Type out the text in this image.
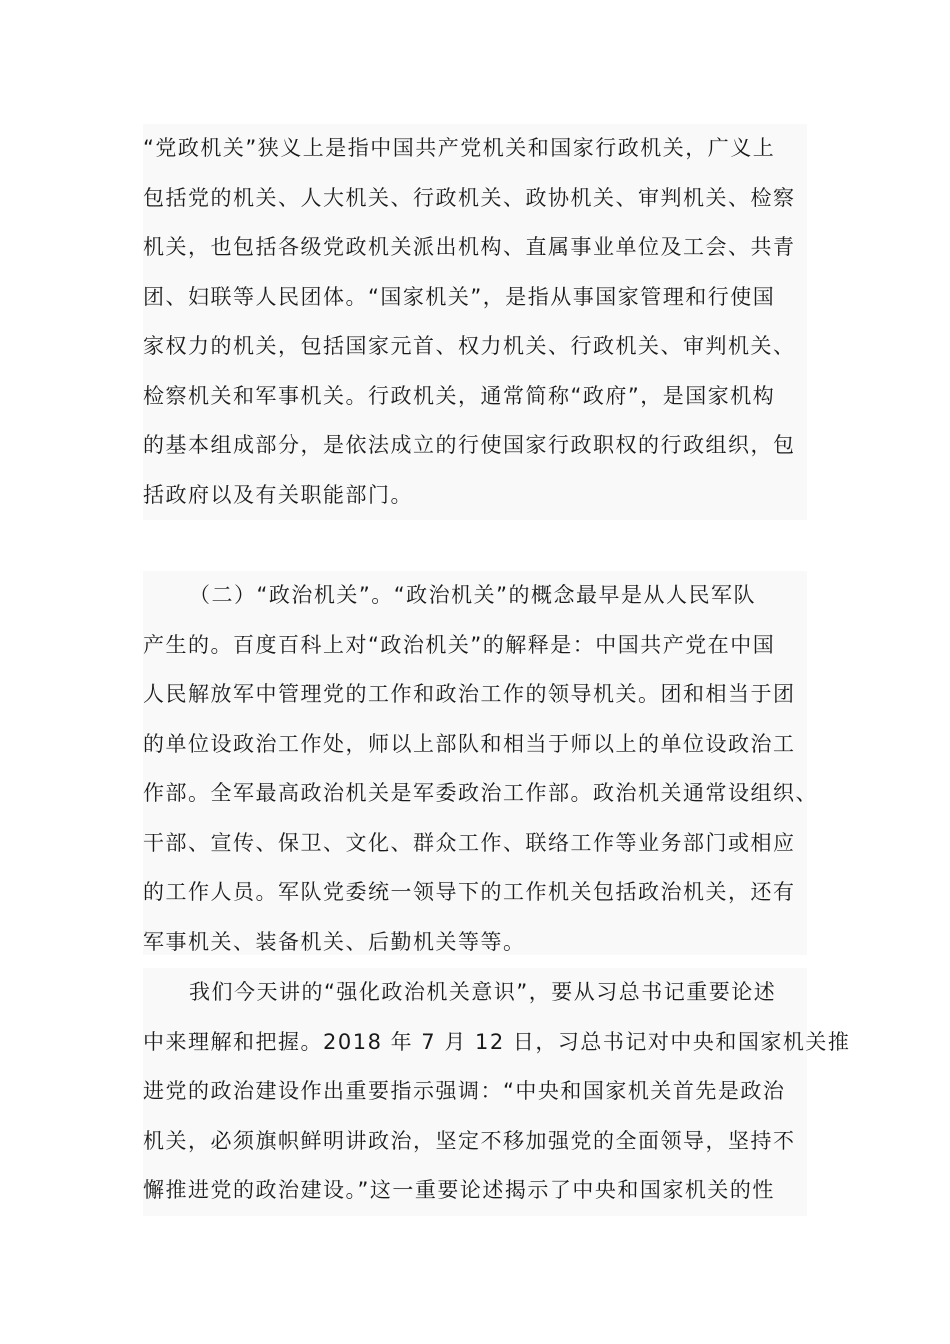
“党政机关”狭义上是指中国共产党机关和国家行政机关，广义上
包括党的机关、人大机关、行政机关、政协机关、审判机关、检察
机关，也包括各级党政机关派出机构、直属事业单位及工会、共青
团、妇联等人民团体。“国家机关”，是指从事国家管理和行使国
家权力的机关，包括国家元首、权力机关、行政机关、审判机关、
检察机关和军事机关。行政机关，通常简称“政府”，是国家机构
的基本组成部分，是依法成立的行使国家行政职权的行政组织，包
括政府以及有关职能部门。
（二）“政治机关”。“政治机关”的概念最早是从人民军队
产生的。百度百科上对“政治机关”的解释是：中国共产党在中国
人民解放军中管理党的工作和政治工作的领导机关。团和相当于团
的单位设政治工作处，师以上部队和相当于师以上的单位设政治工
作部。全军最高政治机关是军委政治工作部。政治机关通常设组织、
干部、宣传、保卫、文化、群众工作、联络工作等业务部门或相应
的工作人员。军队党委统一领导下的工作机关包括政治机关，还有
军事机关、装备机关、后勤机关等等。
我们今天讲的“强化政治机关意识”，要从习总书记重要论述
中来理解和把握。2018 年 7 月 12 日，习总书记对中央和国家机关推
进党的政治建设作出重要指示强调：“中央和国家机关首先是政治
机关，必须旗帜鲜明讲政治，坚定不移加强党的全面领导，坚持不
懈推进党的政治建设。”这一重要论述揭示了中央和国家机关的性
